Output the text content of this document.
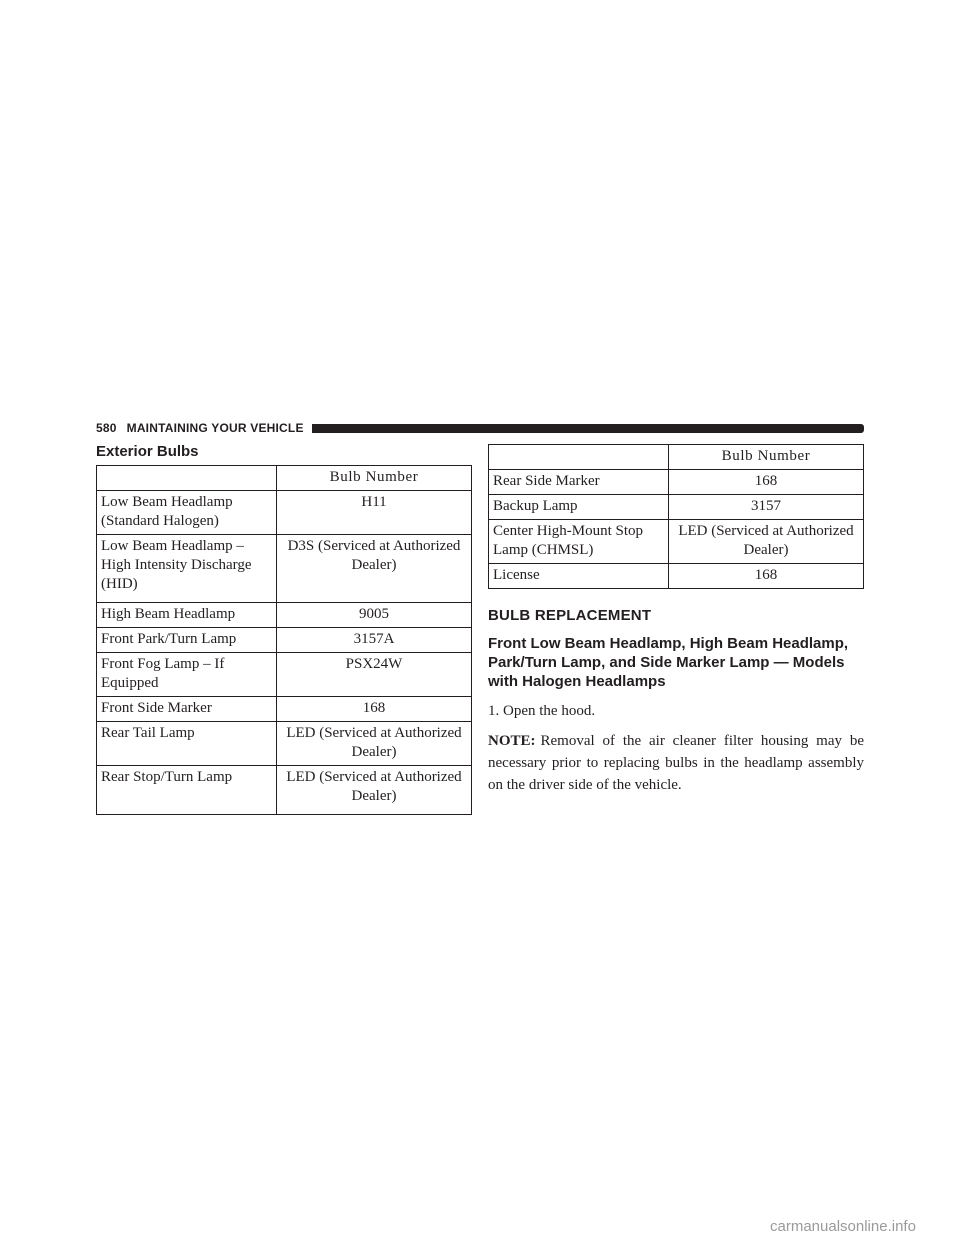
580 MAINTAINING YOUR VEHICLE
Exterior Bulbs
	Bulb Number
Low Beam Headlamp (Standard Halogen)	H11
Low Beam Headlamp – High Intensity Discharge (HID)	D3S (Serviced at Authorized Dealer)
High Beam Headlamp	9005
Front Park/Turn Lamp	3157A
Front Fog Lamp – If Equipped	PSX24W
Front Side Marker	168
Rear Tail Lamp	LED (Serviced at Authorized Dealer)
Rear Stop/Turn Lamp	LED (Serviced at Authorized Dealer)
	Bulb Number
Rear Side Marker	168
Backup Lamp	3157
Center High-Mount Stop Lamp (CHMSL)	LED (Serviced at Authorized Dealer)
License	168
BULB REPLACEMENT
Front Low Beam Headlamp, High Beam Headlamp, Park/Turn Lamp, and Side Marker Lamp — Models with Halogen Headlamps

1. Open the hood.

NOTE: Removal of the air cleaner filter housing may be necessary prior to replacing bulbs in the headlamp assembly on the driver side of the vehicle.

carmanualsonline.info
